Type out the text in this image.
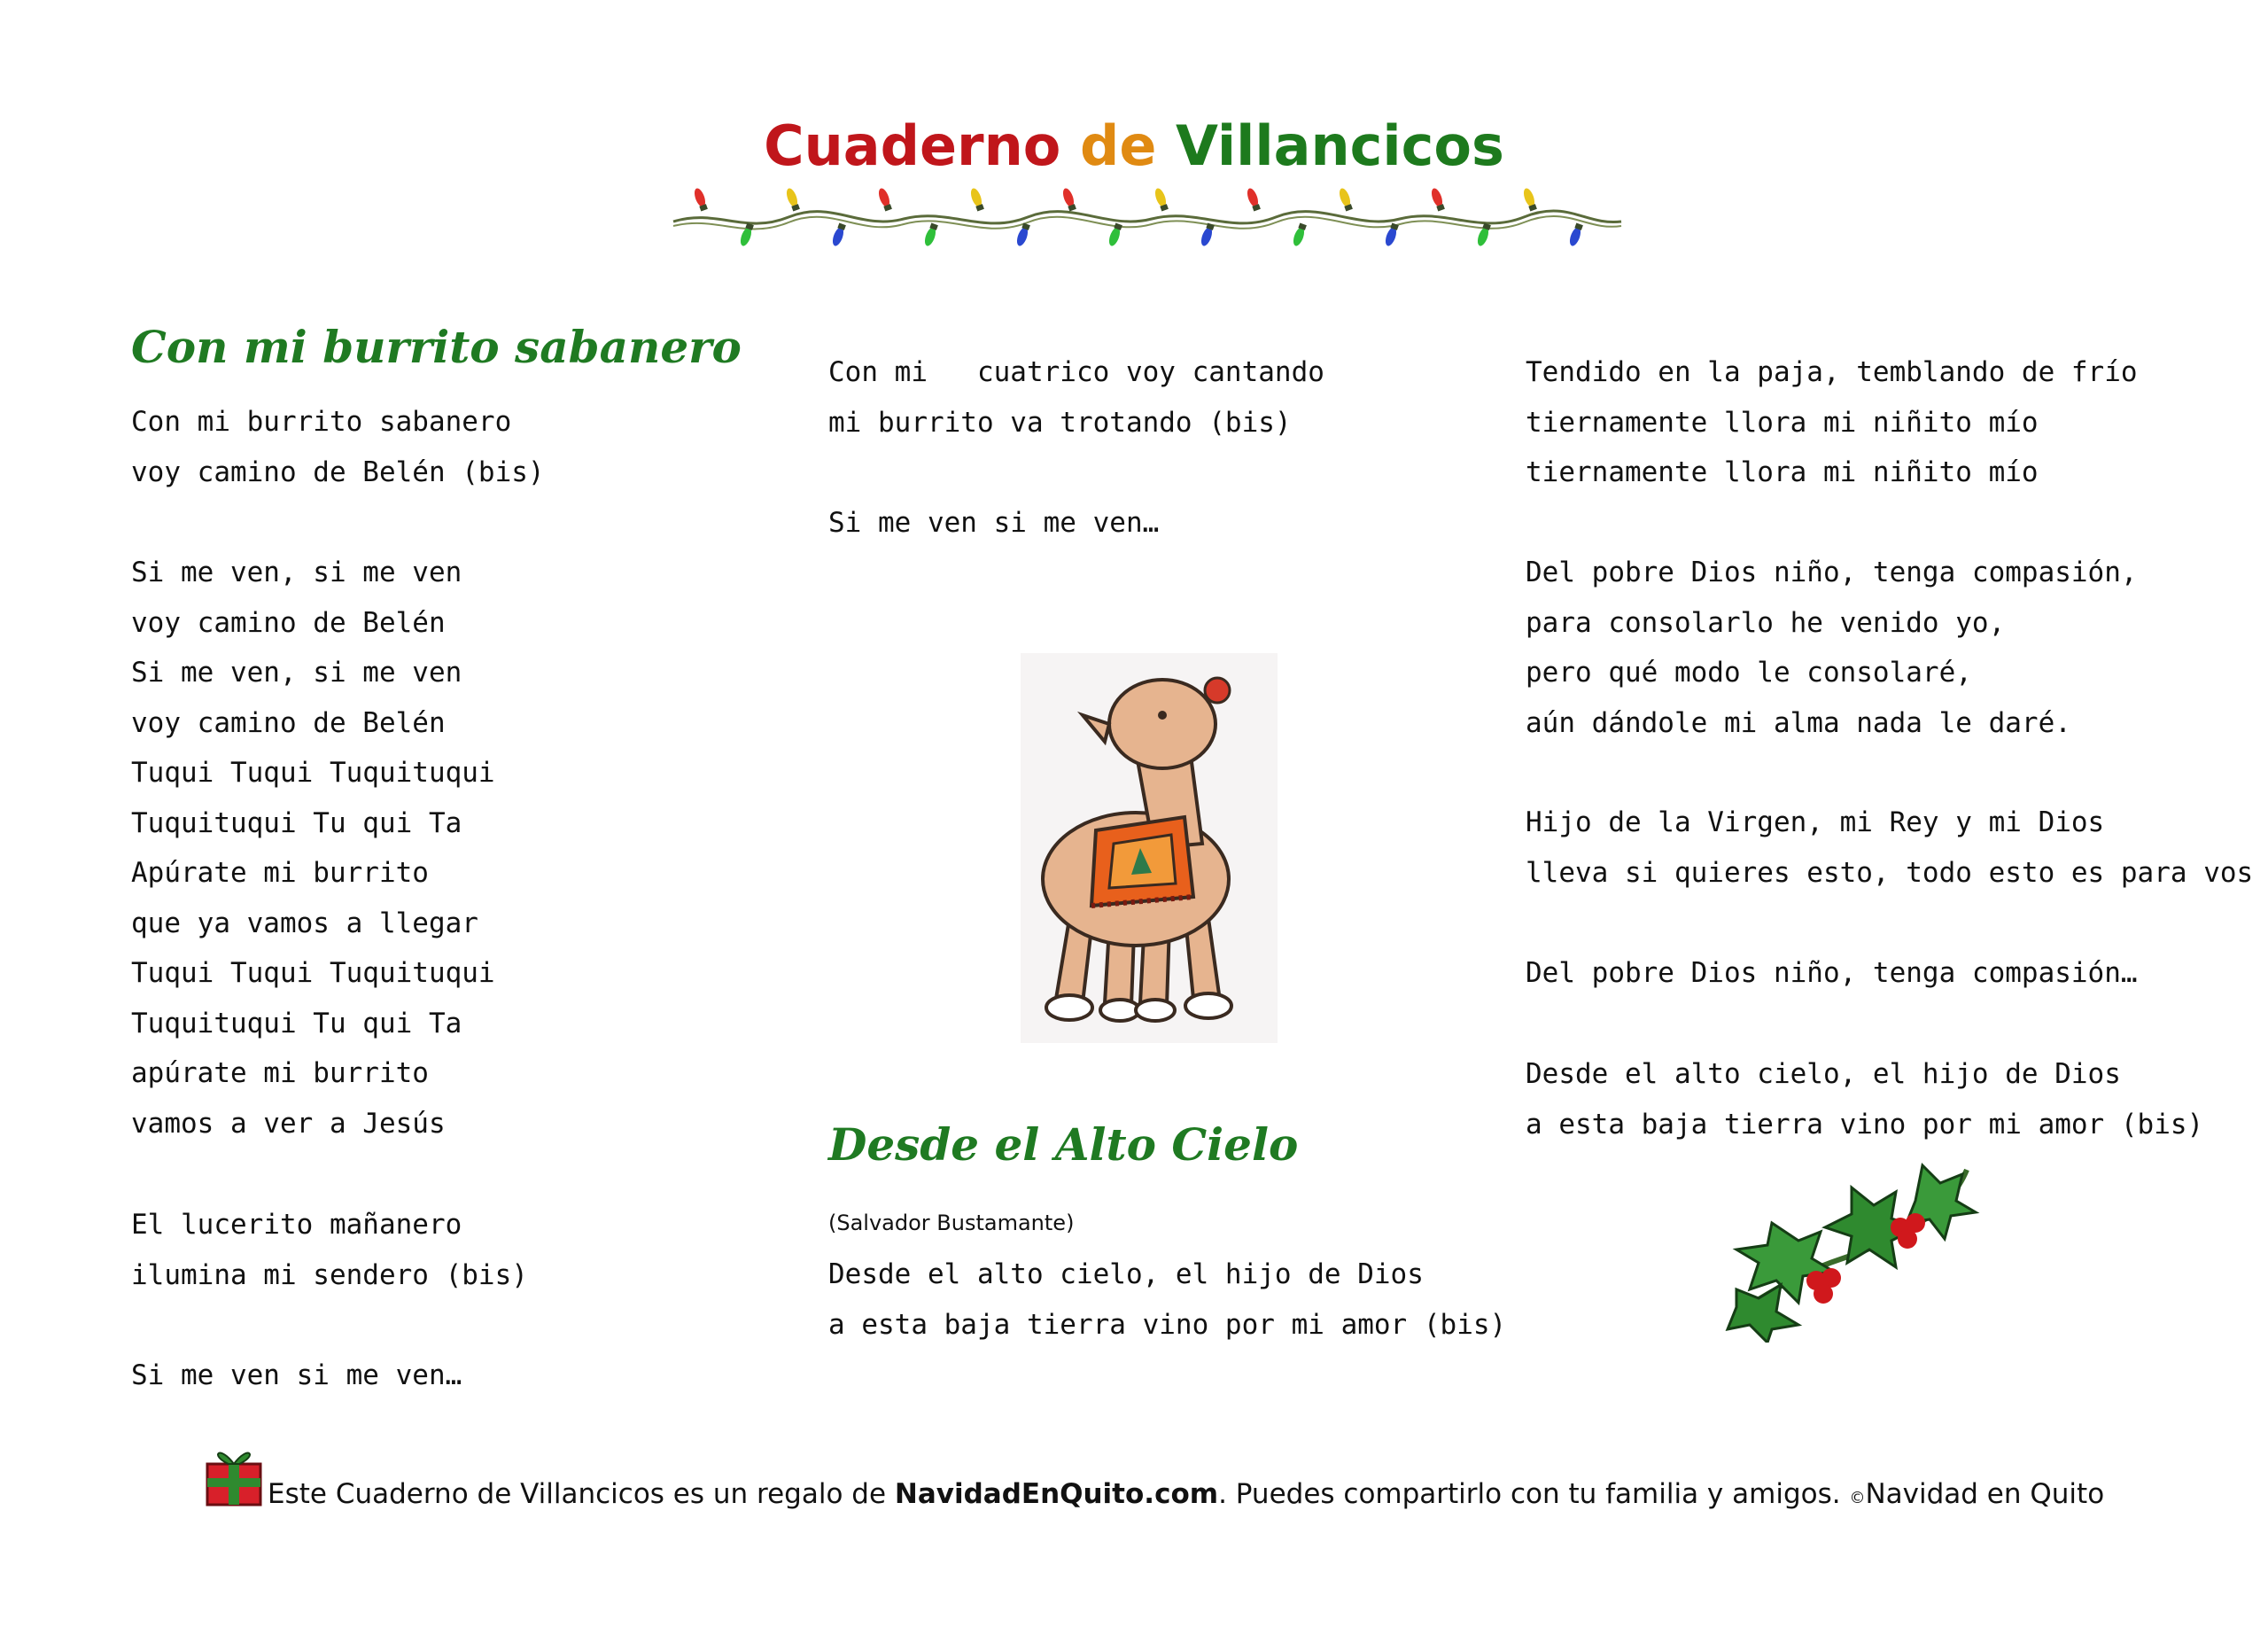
Cuaderno de Villancicos
Con mi burrito sabanero
Con mi burrito sabanero
voy camino de Belén (bis)
Si me ven, si me ven
voy camino de Belén
Si me ven, si me ven
voy camino de Belén
Tuqui Tuqui Tuquituqui
Tuquituqui Tu qui Ta
Apúrate mi burrito
que ya vamos a llegar
Tuqui Tuqui Tuquituqui
Tuquituqui Tu qui Ta
apúrate mi burrito
vamos a ver a Jesús
El lucerito mañanero
ilumina mi sendero (bis)
Si me ven si me ven…
Con mi   cuatrico voy cantando
mi burrito va trotando (bis)
Si me ven si me ven…
Desde el Alto Cielo
(Salvador Bustamante)
Desde el alto cielo, el hijo de Dios
a esta baja tierra vino por mi amor (bis)
Tendido en la paja, temblando de frío
tiernamente llora mi niñito mío
tiernamente llora mi niñito mío
Del pobre Dios niño, tenga compasión,
para consolarlo he venido yo,
pero qué modo le consolaré,
aún dándole mi alma nada le daré.
Hijo de la Virgen, mi Rey y mi Dios
lleva si quieres esto, todo esto es para vos
Del pobre Dios niño, tenga compasión…
Desde el alto cielo, el hijo de Dios
a esta baja tierra vino por mi amor (bis)
Este Cuaderno de Villancicos es un regalo de NavidadEnQuito.com. Puedes compartirlo con tu familia y amigos. ©Navidad en Quito
